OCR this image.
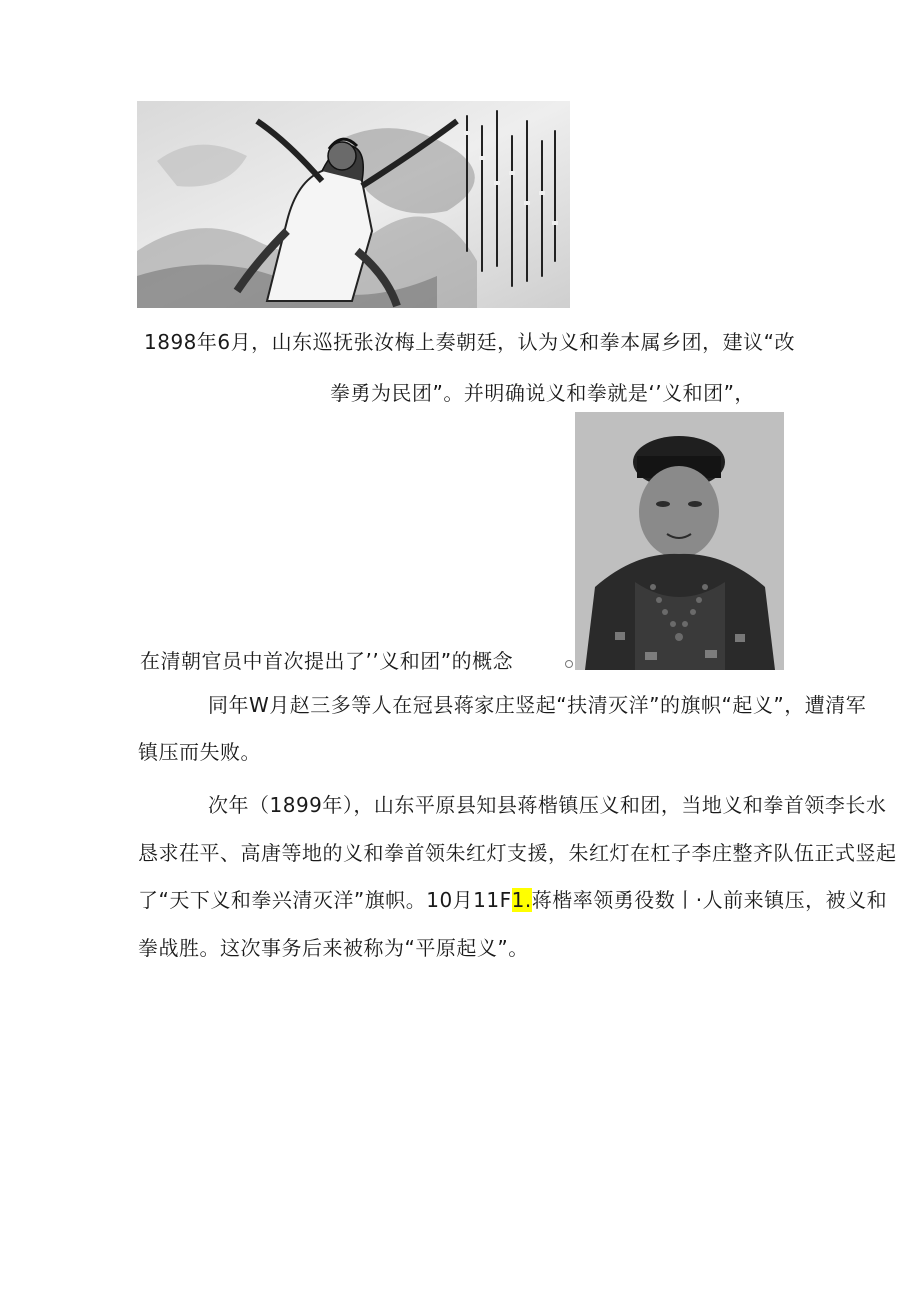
1898年6月，山东巡抚张汝梅上奏朝廷，认为义和拳本属乡团，建议“改
拳勇为民团”。并明确说义和拳就是‘’义和团”，
在清朝官员中首次提出了’’义和团”的概念
同年W月赵三多等人在冠县蒋家庄竖起“扶清灭洋”的旗帜“起义”，遭清军
镇压而失败。
次年（1899年），山东平原县知县蒋楷镇压义和团，当地义和拳首领李长水
恳求茌平、高唐等地的义和拳首领朱红灯支援，朱红灯在杠子李庄整齐队伍正式竖起
了“天下义和拳兴清灭洋”旗帜。10月11F1.蒋楷率领勇役数丨·人前来镇压，被义和
拳战胜。这次事务后来被称为“平原起义”。
